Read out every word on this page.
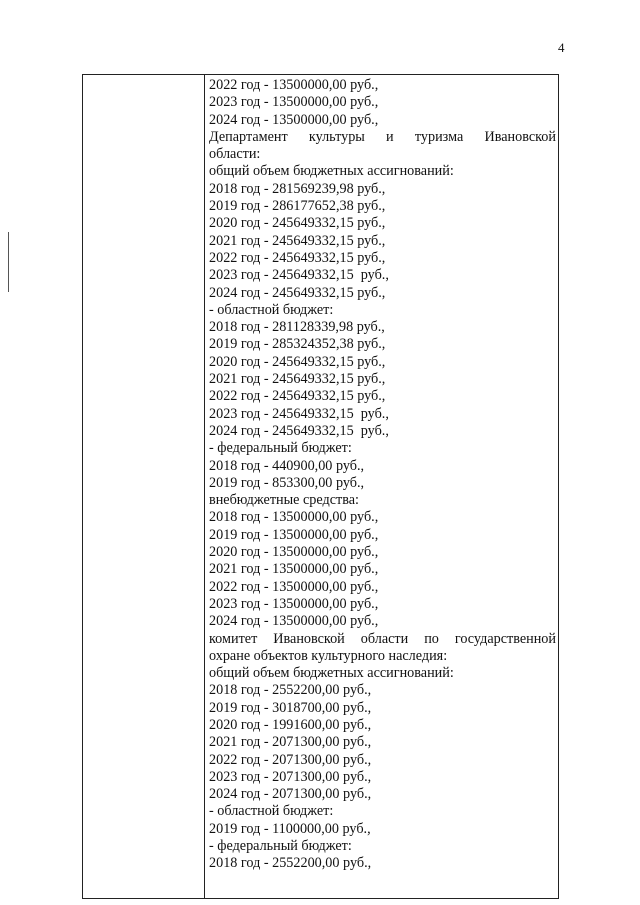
4
2022 год - 13500000,00 руб.,
2023 год - 13500000,00 руб.,
2024 год - 13500000,00 руб.,
Департамент культуры и туризма Ивановской
области:
общий объем бюджетных ассигнований:
2018 год - 281569239,98 руб.,
2019 год - 286177652,38 руб.,
2020 год - 245649332,15 руб.,
2021 год - 245649332,15 руб.,
2022 год - 245649332,15 руб.,
2023 год - 245649332,15  руб.,
2024 год - 245649332,15 руб.,
- областной бюджет:
2018 год - 281128339,98 руб.,
2019 год - 285324352,38 руб.,
2020 год - 245649332,15 руб.,
2021 год - 245649332,15 руб.,
2022 год - 245649332,15 руб.,
2023 год - 245649332,15  руб.,
2024 год - 245649332,15  руб.,
- федеральный бюджет:
2018 год - 440900,00 руб.,
2019 год - 853300,00 руб.,
внебюджетные средства:
2018 год - 13500000,00 руб.,
2019 год - 13500000,00 руб.,
2020 год - 13500000,00 руб.,
2021 год - 13500000,00 руб.,
2022 год - 13500000,00 руб.,
2023 год - 13500000,00 руб.,
2024 год - 13500000,00 руб.,
комитет Ивановской области по государственной
охране объектов культурного наследия:
общий объем бюджетных ассигнований:
2018 год - 2552200,00 руб.,
2019 год - 3018700,00 руб.,
2020 год - 1991600,00 руб.,
2021 год - 2071300,00 руб.,
2022 год - 2071300,00 руб.,
2023 год - 2071300,00 руб.,
2024 год - 2071300,00 руб.,
- областной бюджет:
2019 год - 1100000,00 руб.,
- федеральный бюджет:
2018 год - 2552200,00 руб.,
